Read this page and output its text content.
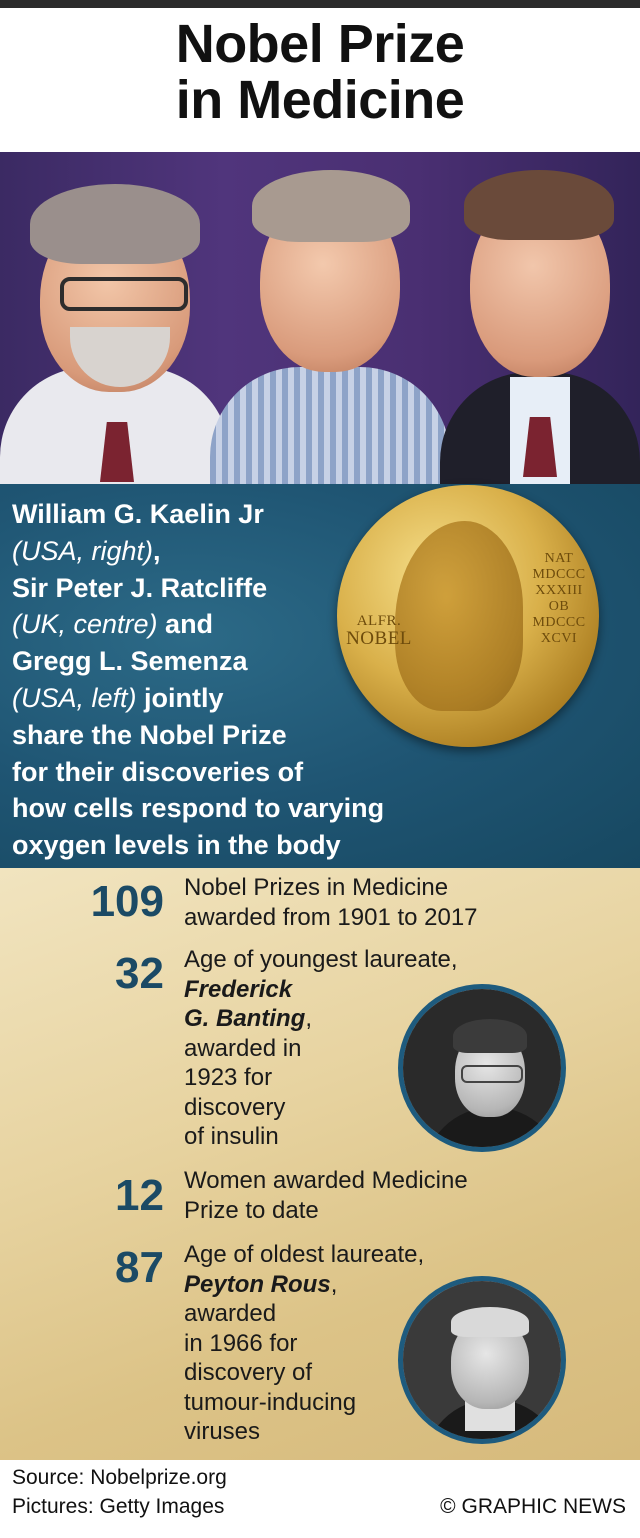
Nobel Prize
in Medicine
ALFR.
NOBEL
NAT
MDCCC
XXXIII
OB
MDCCC
XCVI
William G. Kaelin Jr
(USA, right),
Sir Peter J. Ratcliffe
(UK, centre) and
Gregg L. Semenza
(USA, left) jointly
share the Nobel Prize
for their discoveries of
how cells respond to varying
oxygen levels in the body
109 Nobel Prizes in Medicine
awarded from 1901 to 2017
32 Age of youngest laureate,
Frederick
G. Banting,
awarded in
1923 for
discovery
of insulin
12 Women awarded Medicine
Prize to date
87 Age of oldest laureate,
Peyton Rous,
awarded
in 1966 for
discovery of
tumour-inducing
viruses
Source: Nobelprize.org
Pictures: Getty Images	© GRAPHIC NEWS
